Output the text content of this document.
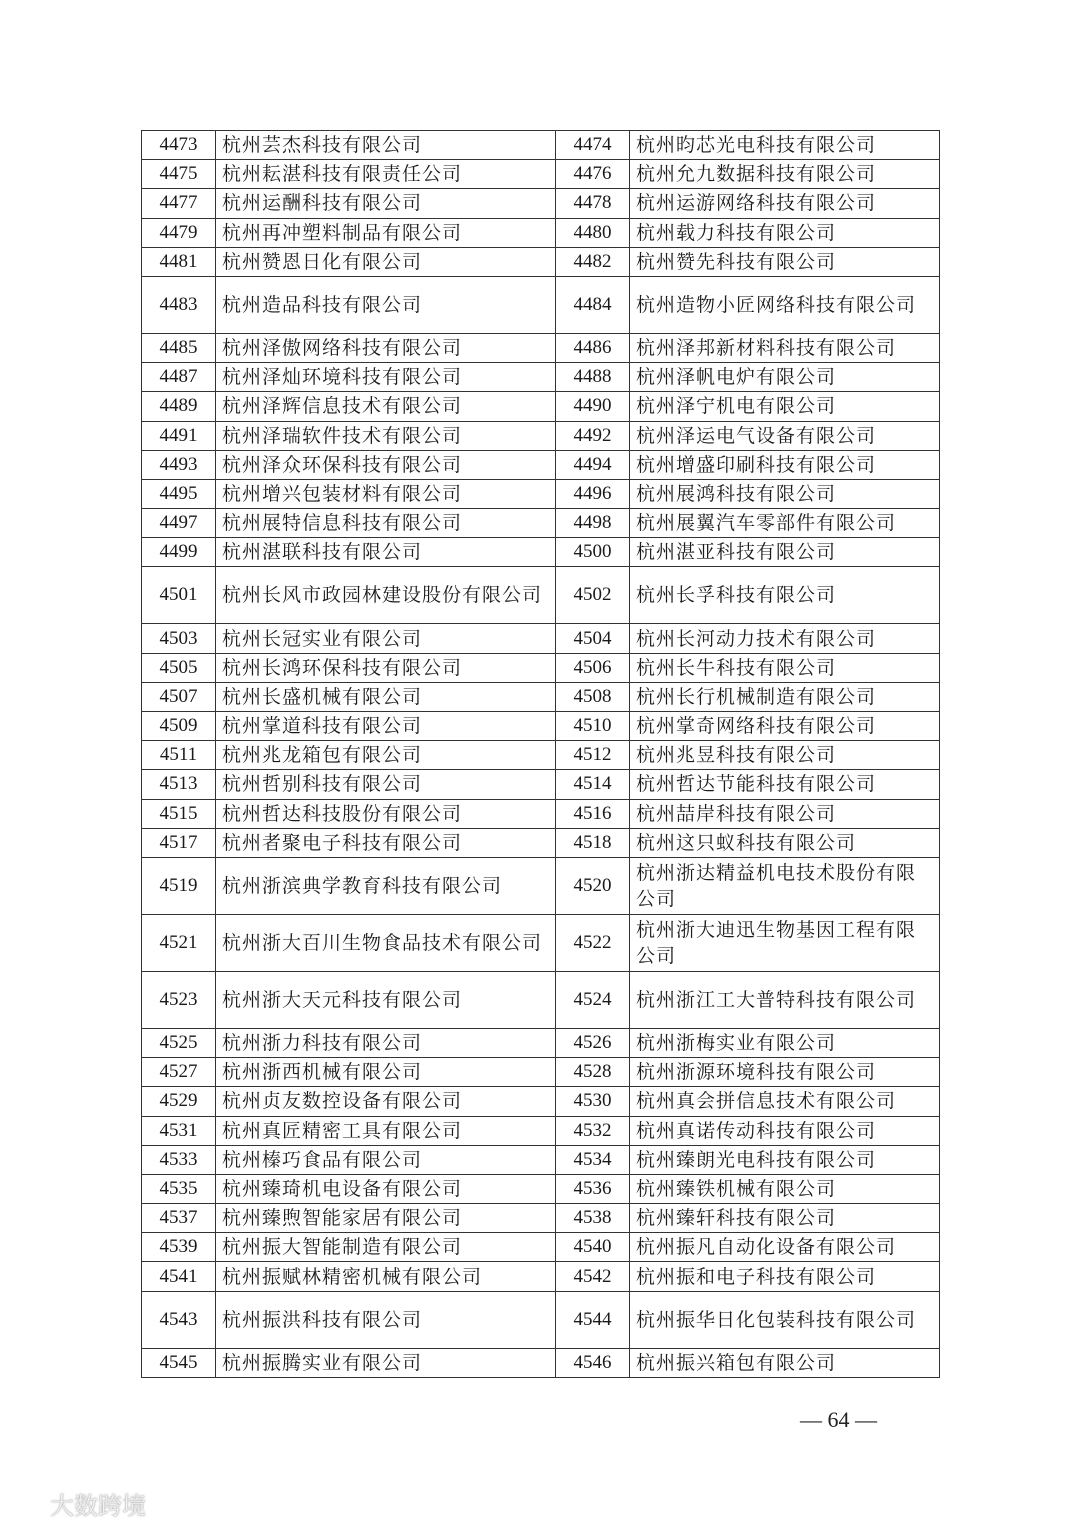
4473	杭州芸杰科技有限公司	4474	杭州昀芯光电科技有限公司
4475	杭州耘湛科技有限责任公司	4476	杭州允九数据科技有限公司
4477	杭州运酬科技有限公司	4478	杭州运游网络科技有限公司
4479	杭州再冲塑料制品有限公司	4480	杭州载力科技有限公司
4481	杭州赞恩日化有限公司	4482	杭州赞先科技有限公司
4483	杭州造品科技有限公司	4484	杭州造物小匠网络科技有限公司
4485	杭州泽傲网络科技有限公司	4486	杭州泽邦新材料科技有限公司
4487	杭州泽灿环境科技有限公司	4488	杭州泽帆电炉有限公司
4489	杭州泽辉信息技术有限公司	4490	杭州泽宁机电有限公司
4491	杭州泽瑞软件技术有限公司	4492	杭州泽运电气设备有限公司
4493	杭州泽众环保科技有限公司	4494	杭州增盛印刷科技有限公司
4495	杭州增兴包装材料有限公司	4496	杭州展鸿科技有限公司
4497	杭州展特信息科技有限公司	4498	杭州展翼汽车零部件有限公司
4499	杭州湛联科技有限公司	4500	杭州湛亚科技有限公司
4501	杭州长风市政园林建设股份有限公司	4502	杭州长孚科技有限公司
4503	杭州长冠实业有限公司	4504	杭州长河动力技术有限公司
4505	杭州长鸿环保科技有限公司	4506	杭州长牛科技有限公司
4507	杭州长盛机械有限公司	4508	杭州长行机械制造有限公司
4509	杭州掌道科技有限公司	4510	杭州掌奇网络科技有限公司
4511	杭州兆龙箱包有限公司	4512	杭州兆昱科技有限公司
4513	杭州哲别科技有限公司	4514	杭州哲达节能科技有限公司
4515	杭州哲达科技股份有限公司	4516	杭州喆岸科技有限公司
4517	杭州者聚电子科技有限公司	4518	杭州这只蚁科技有限公司
4519	杭州浙滨典学教育科技有限公司	4520	杭州浙达精益机电技术股份有限公司
4521	杭州浙大百川生物食品技术有限公司	4522	杭州浙大迪迅生物基因工程有限公司
4523	杭州浙大天元科技有限公司	4524	杭州浙江工大普特科技有限公司
4525	杭州浙力科技有限公司	4526	杭州浙梅实业有限公司
4527	杭州浙西机械有限公司	4528	杭州浙源环境科技有限公司
4529	杭州贞友数控设备有限公司	4530	杭州真会拼信息技术有限公司
4531	杭州真匠精密工具有限公司	4532	杭州真诺传动科技有限公司
4533	杭州榛巧食品有限公司	4534	杭州臻朗光电科技有限公司
4535	杭州臻琦机电设备有限公司	4536	杭州臻铁机械有限公司
4537	杭州臻煦智能家居有限公司	4538	杭州臻轩科技有限公司
4539	杭州振大智能制造有限公司	4540	杭州振凡自动化设备有限公司
4541	杭州振赋林精密机械有限公司	4542	杭州振和电子科技有限公司
4543	杭州振洪科技有限公司	4544	杭州振华日化包装科技有限公司
4545	杭州振腾实业有限公司	4546	杭州振兴箱包有限公司
— 64 —
大数跨境
